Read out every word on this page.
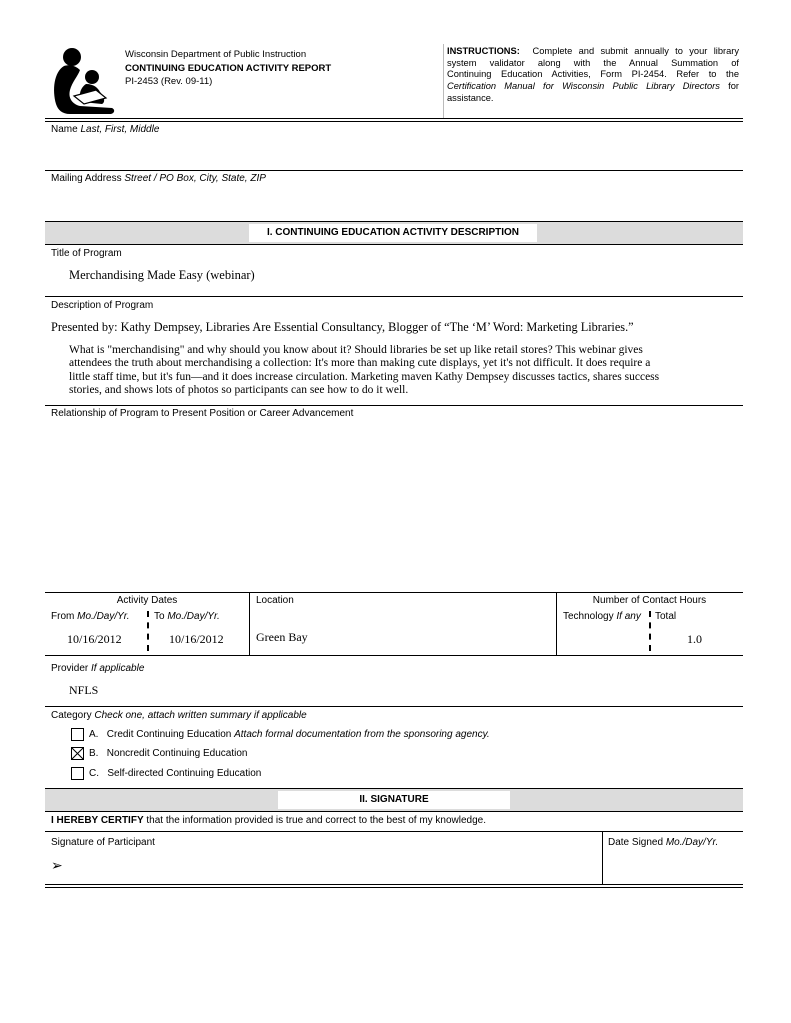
Wisconsin Department of Public Instruction
CONTINUING EDUCATION ACTIVITY REPORT
PI-2453 (Rev. 09-11)
INSTRUCTIONS: Complete and submit annually to your library
system validator along with the Annual Summation of
Continuing Education Activities, Form PI-2454. Refer to the
Certification Manual for Wisconsin Public Library Directors for
assistance.
Name Last, First, Middle
Mailing Address Street / PO Box, City, State, ZIP
I. CONTINUING EDUCATION ACTIVITY DESCRIPTION
Title of Program
Merchandising Made Easy (webinar)
Description of Program
Presented by: Kathy Dempsey, Libraries Are Essential Consultancy, Blogger of “The ‘M’ Word: Marketing Libraries.”
What is "merchandising" and why should you know about it? Should libraries be set up like retail stores? This webinar gives
attendees the truth about merchandising a collection: It's more than making cute displays, yet it's not difficult. It does require a
little staff time, but it's fun—and it does increase circulation. Marketing maven Kathy Dempsey discusses tactics, shares success
stories, and shows lots of photos so participants can see how to do it well.
Relationship of Program to Present Position or Career Advancement
Activity Dates
From Mo./Day/Yr. To Mo./Day/Yr.
10/16/2012	10/16/2012
Location
Green Bay
Number of Contact Hours
Technology If any Total
1.0
Provider If applicable
NFLS
Category Check one, attach written summary if applicable
A. Credit Continuing Education Attach formal documentation from the sponsoring agency.
B. Noncredit Continuing Education
C. Self-directed Continuing Education
II. SIGNATURE
I HEREBY CERTIFY that the information provided is true and correct to the best of my knowledge.
Signature of Participant
➢
Date Signed Mo./Day/Yr.
